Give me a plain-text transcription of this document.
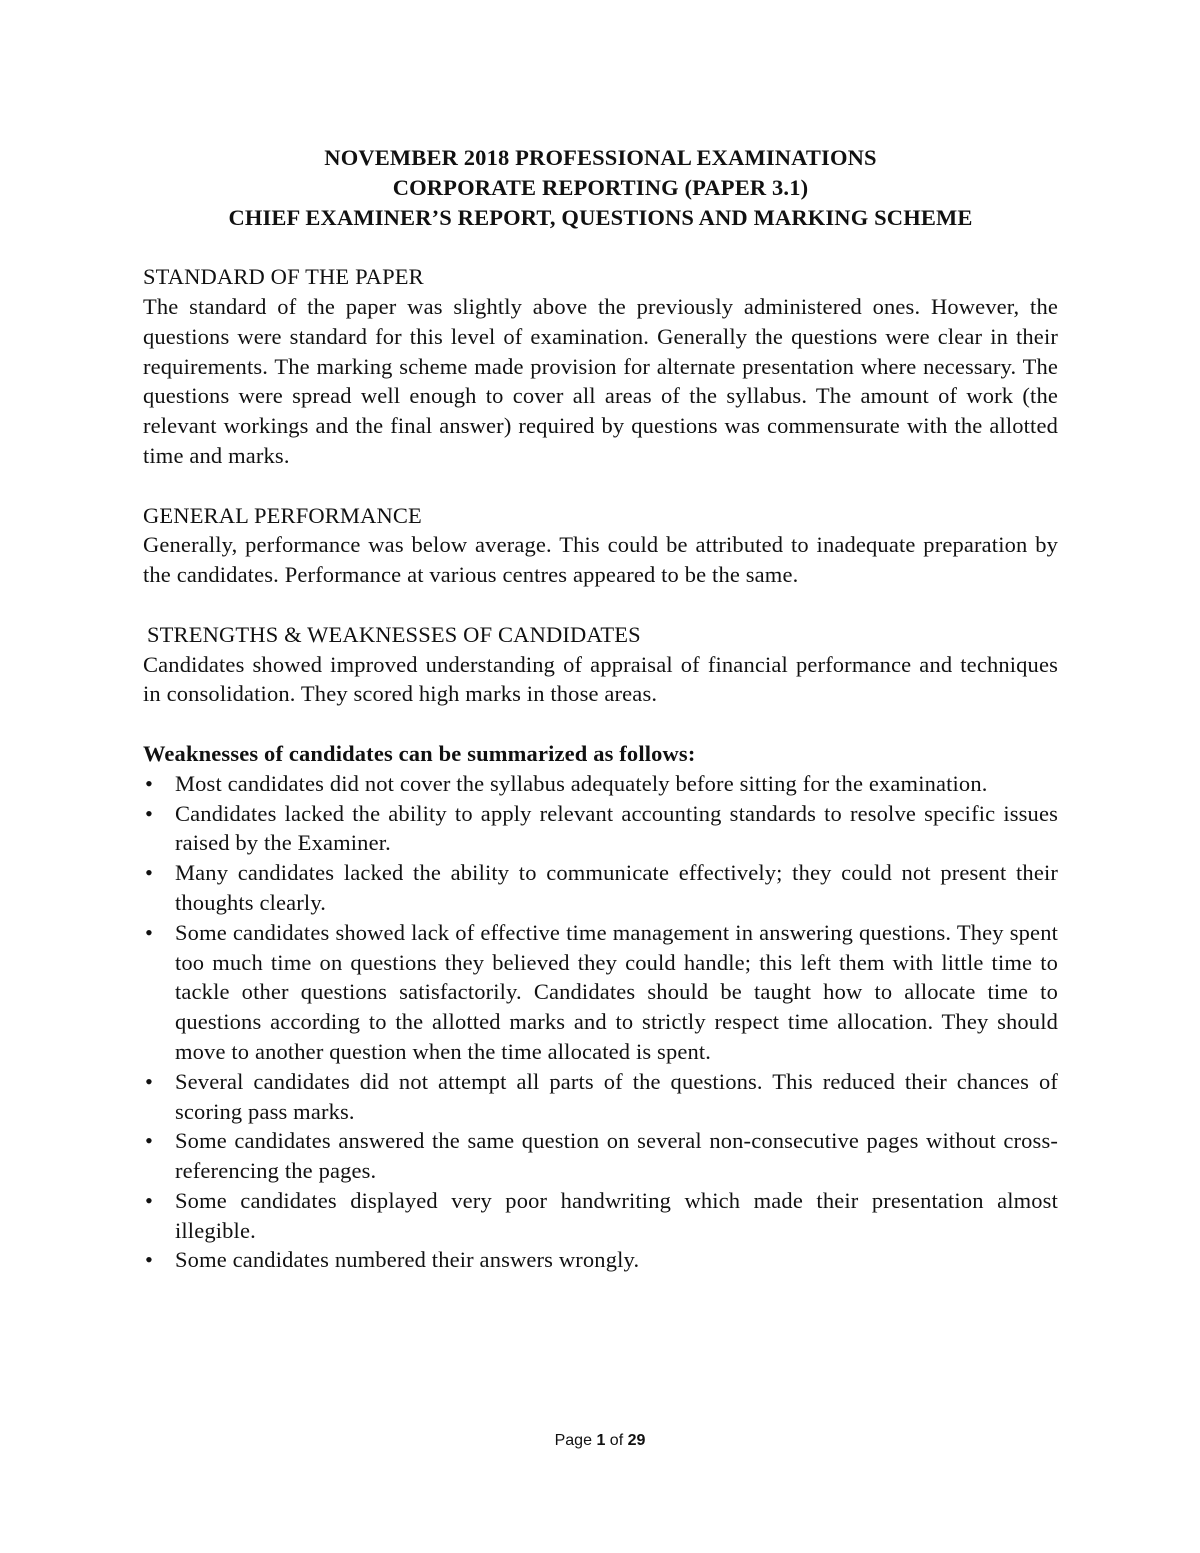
NOVEMBER 2018 PROFESSIONAL EXAMINATIONS

CORPORATE REPORTING (PAPER 3.1)

CHIEF EXAMINER’S REPORT, QUESTIONS AND MARKING SCHEME

STANDARD OF THE PAPER

The standard of the paper was slightly above the previously administered ones. However, the questions were standard for this level of examination. Generally the questions were clear in their requirements. The marking scheme made provision for alternate presentation where necessary. The questions were spread well enough to cover all areas of the syllabus. The amount of work (the relevant workings and the final answer) required by questions was commensurate with the allotted time and marks.

GENERAL PERFORMANCE

Generally, performance was below average. This could be attributed to inadequate preparation by the candidates. Performance at various centres appeared to be the same.

STRENGTHS & WEAKNESSES OF CANDIDATES

Candidates showed improved understanding of appraisal of financial performance and techniques in consolidation. They scored high marks in those areas.

Weaknesses of candidates can be summarized as follows:

• Most candidates did not cover the syllabus adequately before sitting for the examination.
• Candidates lacked the ability to apply relevant accounting standards to resolve specific issues raised by the Examiner.
• Many candidates lacked the ability to communicate effectively; they could not present their thoughts clearly.
• Some candidates showed lack of effective time management in answering questions. They spent too much time on questions they believed they could handle; this left them with little time to tackle other questions satisfactorily. Candidates should be taught how to allocate time to questions according to the allotted marks and to strictly respect time allocation. They should move to another question when the time allocated is spent.
• Several candidates did not attempt all parts of the questions. This reduced their chances of scoring pass marks.
• Some candidates answered the same question on several non-consecutive pages without cross-referencing the pages.
• Some candidates displayed very poor handwriting which made their presentation almost illegible.
• Some candidates numbered their answers wrongly.
Page 1 of 29
